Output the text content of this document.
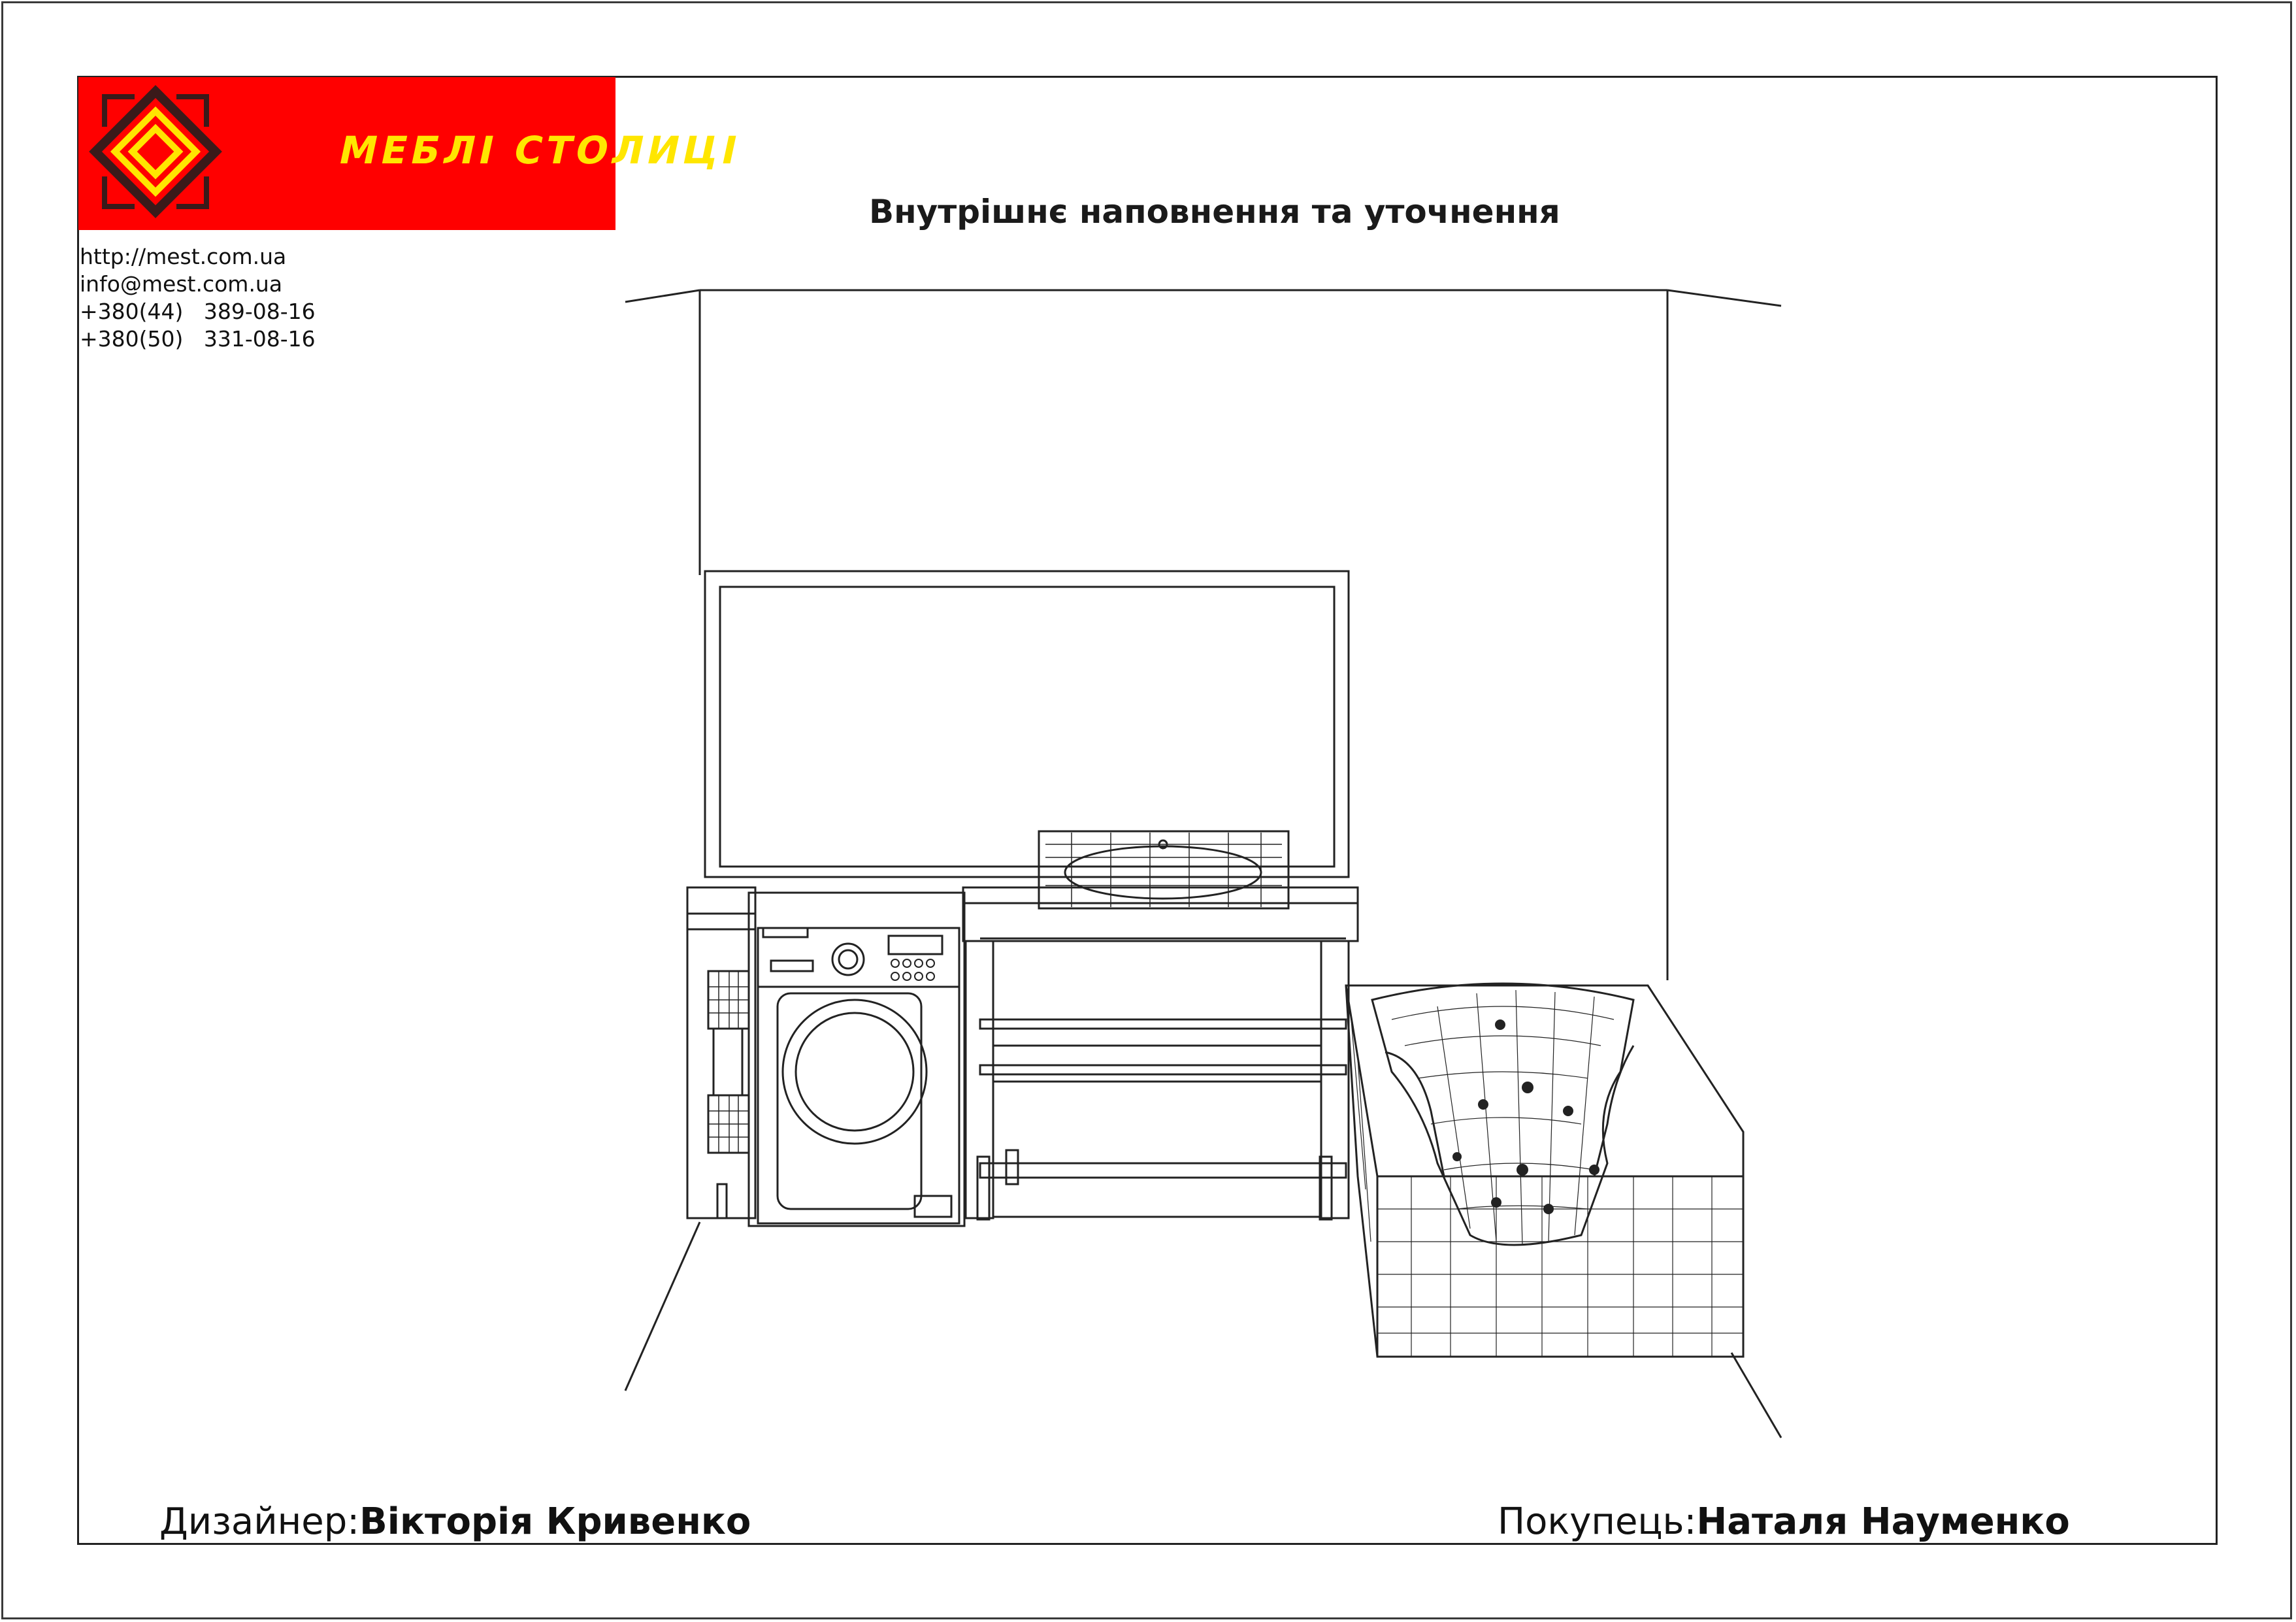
МЕБЛІ СТОЛИЦІ
http://mest.com.ua
info@mest.com.ua
+380(44)   389-08-16
+380(50)   331-08-16
Внутрішнє наповнення та уточнення
Дизайнер:Вікторія Кривенко	Покупець:Наталя Науменко
